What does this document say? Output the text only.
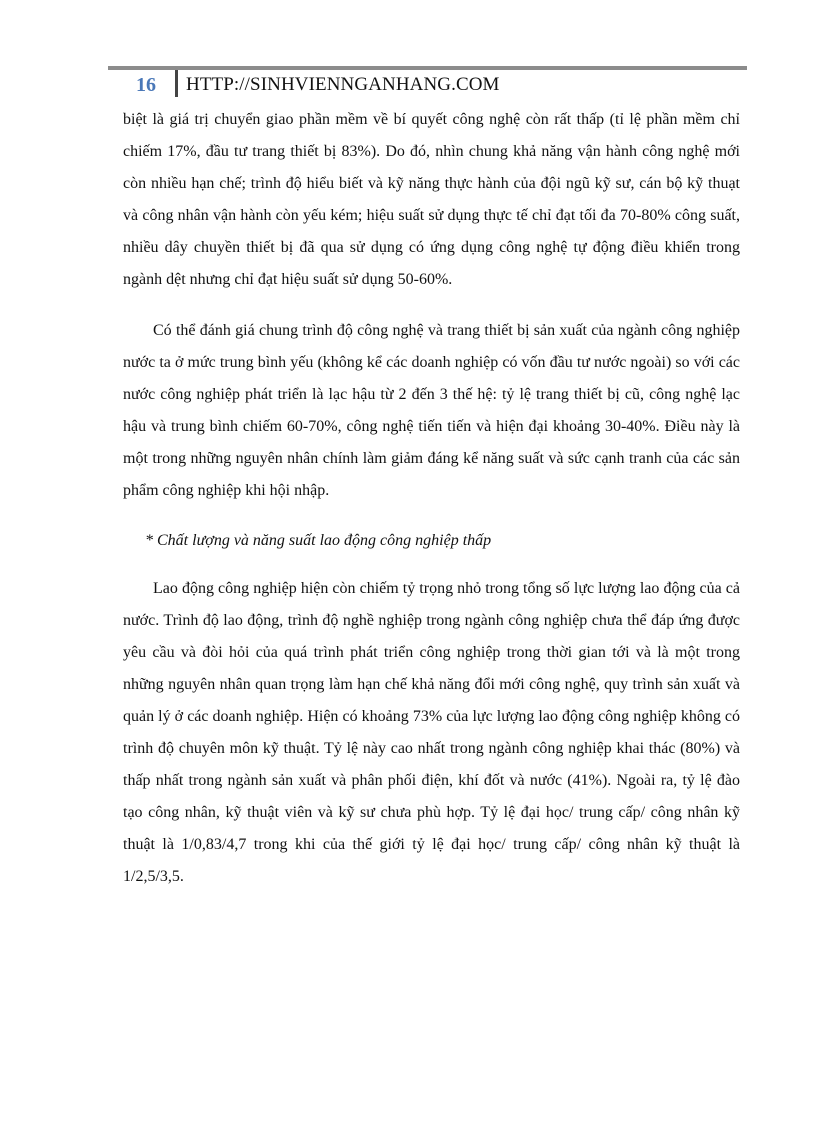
16 HTTP://SINHVIENNGANHANG.COM

biệt là giá trị chuyển giao phần mềm về bí quyết công nghệ còn rất thấp (tỉ lệ phần mềm chỉ chiếm 17%, đầu tư trang thiết bị 83%). Do đó, nhìn chung khả năng vận hành công nghệ mới còn nhiều hạn chế; trình độ hiểu biết và kỹ năng thực hành của đội ngũ kỹ sư, cán bộ kỹ thuạt và công nhân vận hành còn yếu kém; hiệu suất sử dụng thực tế chỉ đạt tối đa 70-80% công suất, nhiều dây chuyền thiết bị đã qua sử dụng có ứng dụng công nghệ tự động điều khiển trong ngành dệt nhưng chỉ đạt hiệu suất sử dụng 50-60%.

Có thể đánh giá chung trình độ công nghệ và trang thiết bị sản xuất của ngành công nghiệp nước ta ở mức trung bình yếu (không kể các doanh nghiệp có vốn đầu tư nước ngoài) so với các nước công nghiệp phát triển là lạc hậu từ 2 đến 3 thế hệ: tỷ lệ trang thiết bị cũ, công nghệ lạc hậu và trung bình chiếm 60-70%, công nghệ tiến tiến và hiện đại khoảng 30-40%. Điều này là một trong những nguyên nhân chính làm giảm đáng kể năng suất và sức cạnh tranh của các sản phẩm công nghiệp khi hội nhập.

* Chất lượng và năng suất lao động công nghiệp thấp

Lao động công nghiệp hiện còn chiếm tỷ trọng nhỏ trong tổng số lực lượng lao động của cả nước. Trình độ lao động, trình độ nghề nghiệp trong ngành công nghiệp chưa thể đáp ứng được yêu cầu và đòi hỏi của quá trình phát triển công nghiệp trong thời gian tới và là một trong những nguyên nhân quan trọng làm hạn chế khả năng đổi mới công nghệ, quy trình sản xuất và quản lý ở các doanh nghiệp. Hiện có khoảng 73% của lực lượng lao động công nghiệp không có trình độ chuyên môn kỹ thuật. Tỷ lệ này cao nhất trong ngành công nghiệp khai thác (80%) và thấp nhất trong ngành sản xuất và phân phối điện, khí đốt và nước (41%). Ngoài ra, tỷ lệ đào tạo công nhân, kỹ thuật viên và kỹ sư chưa phù hợp. Tỷ lệ đại học/ trung cấp/ công nhân kỹ thuật là 1/0,83/4,7 trong khi của thế giới tỷ lệ đại học/ trung cấp/ công nhân kỹ thuật là 1/2,5/3,5.
